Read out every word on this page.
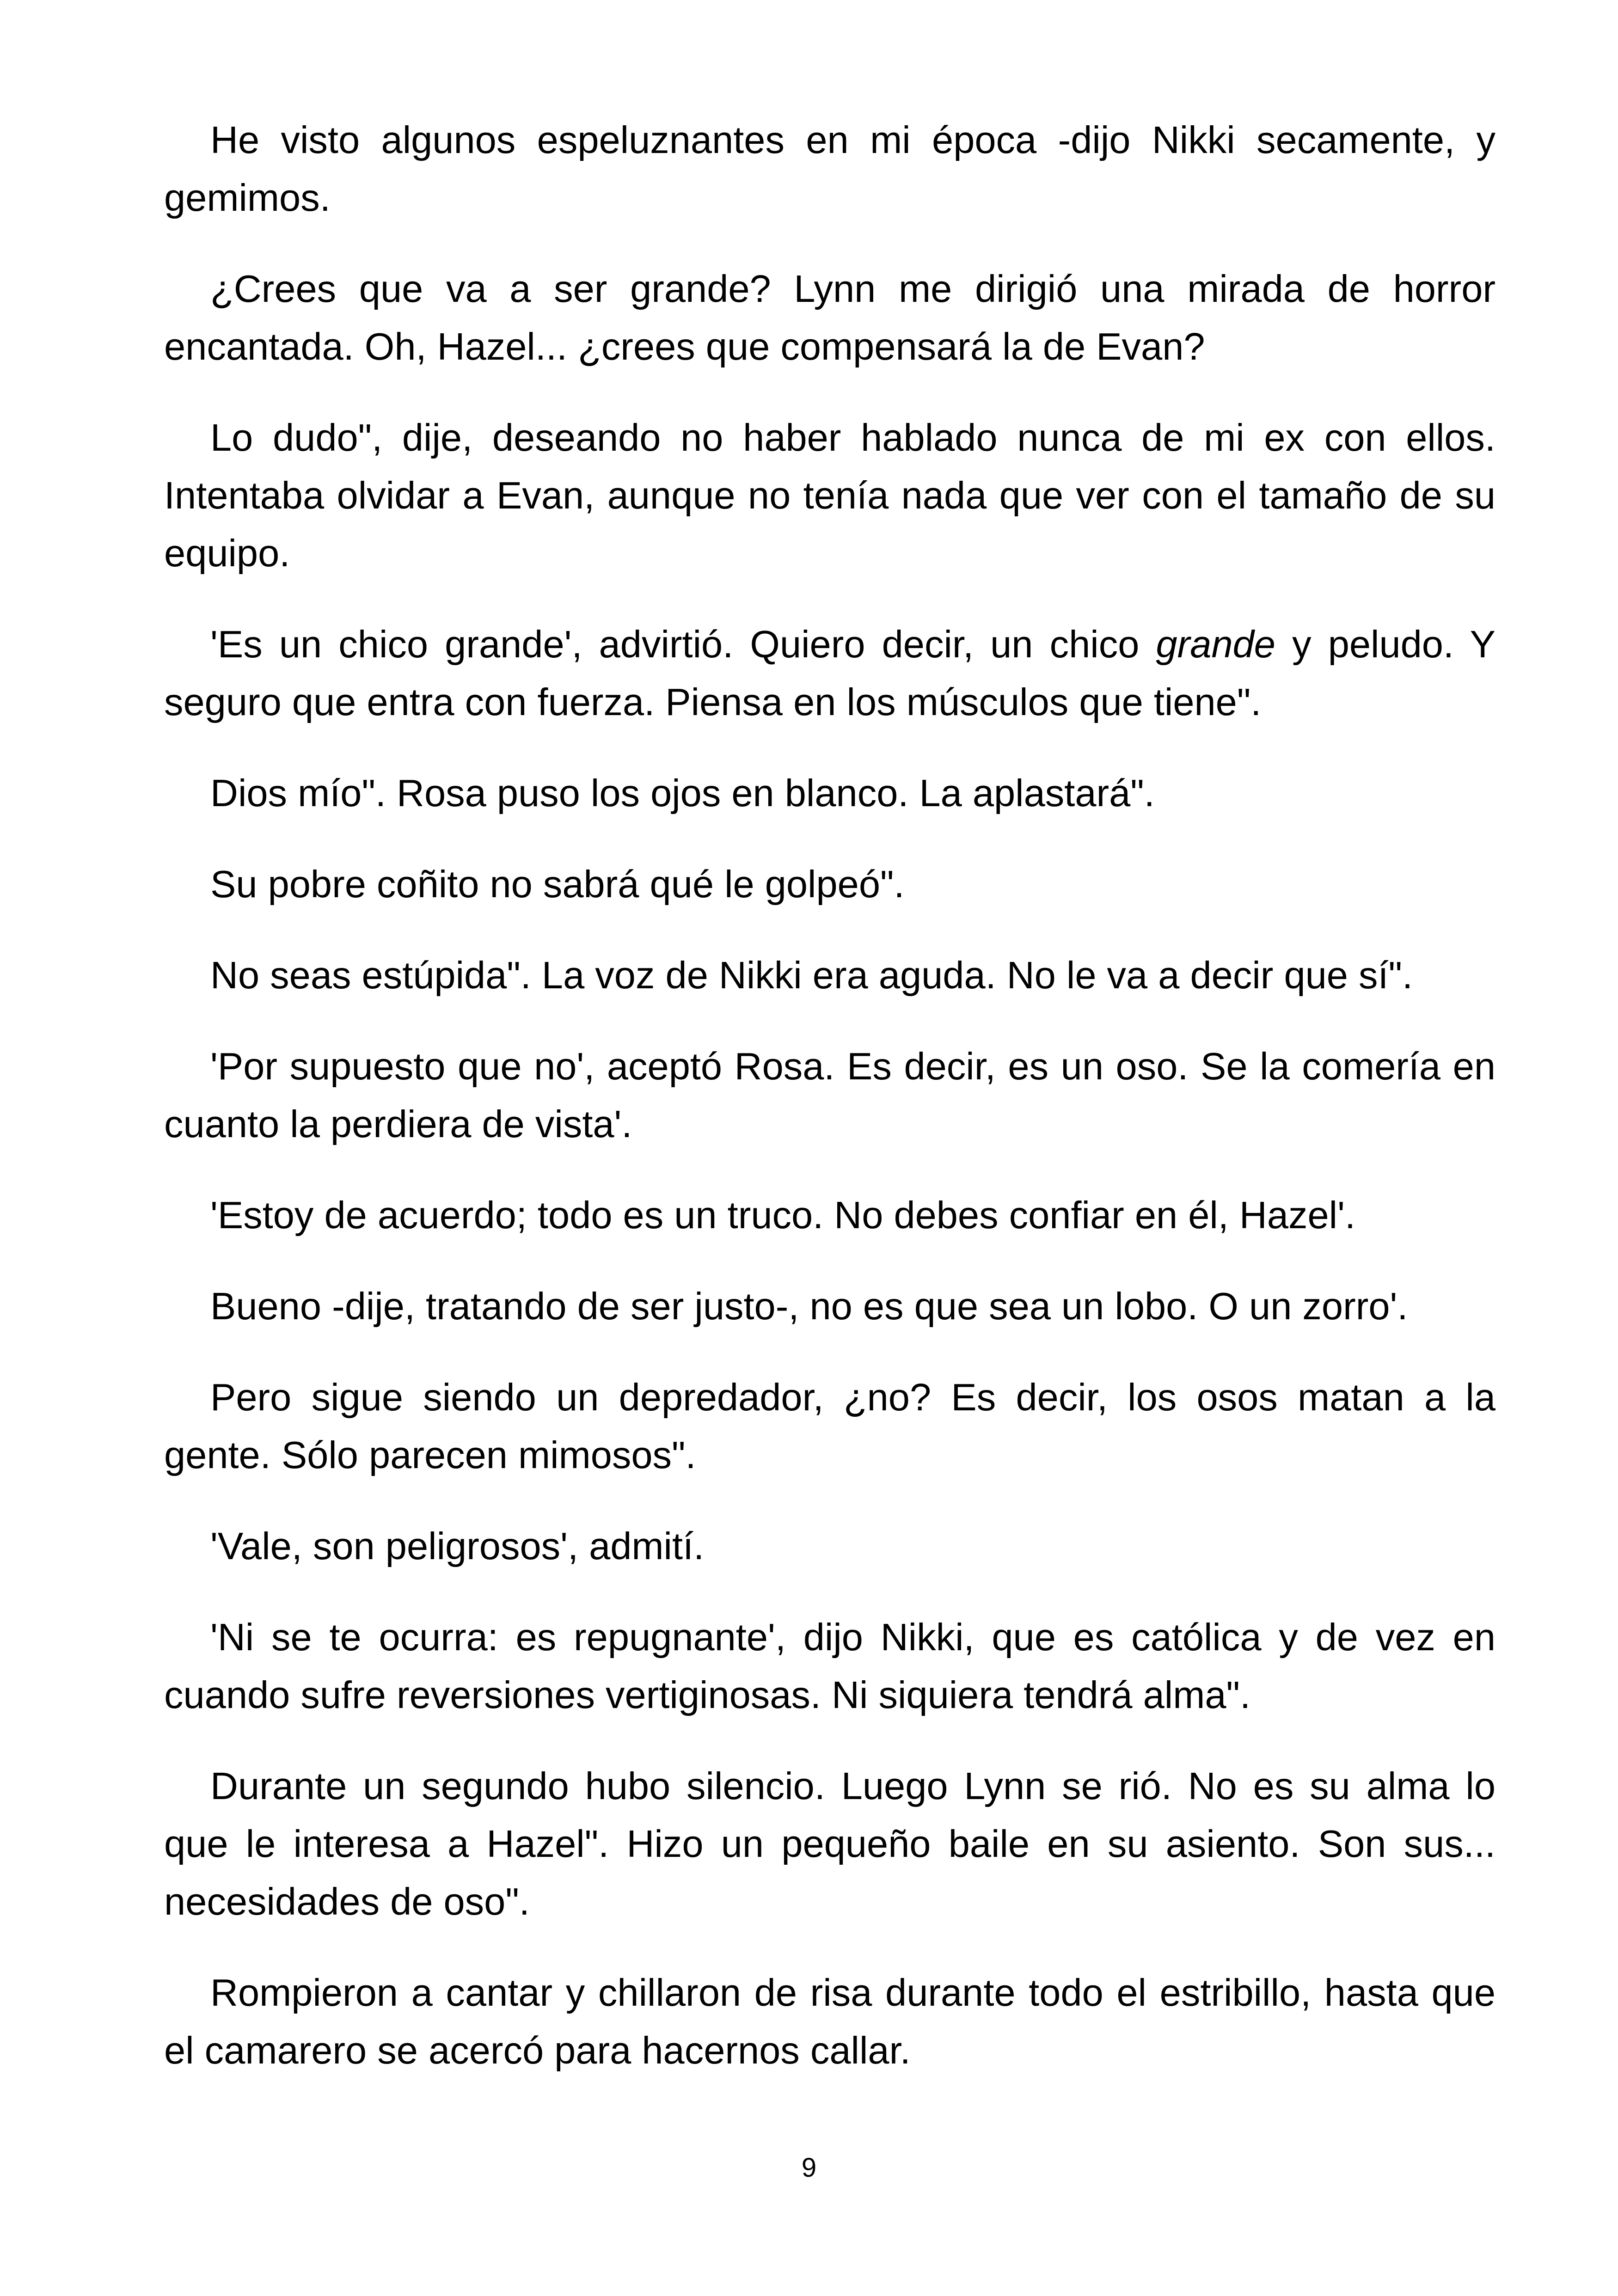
He visto algunos espeluznantes en mi época -dijo Nikki secamente, y gemimos.

¿Crees que va a ser grande? Lynn me dirigió una mirada de horror encantada. Oh, Hazel... ¿crees que compensará la de Evan?

Lo dudo", dije, deseando no haber hablado nunca de mi ex con ellos. Intentaba olvidar a Evan, aunque no tenía nada que ver con el tamaño de su equipo.

'Es un chico grande', advirtió. Quiero decir, un chico grande y peludo. Y seguro que entra con fuerza. Piensa en los músculos que tiene".

Dios mío". Rosa puso los ojos en blanco. La aplastará".

Su pobre coñito no sabrá qué le golpeó".

No seas estúpida". La voz de Nikki era aguda. No le va a decir que sí".

'Por supuesto que no', aceptó Rosa. Es decir, es un oso. Se la comería en cuanto la perdiera de vista'.

'Estoy de acuerdo; todo es un truco. No debes confiar en él, Hazel'.

Bueno -dije, tratando de ser justo-, no es que sea un lobo. O un zorro'.

Pero sigue siendo un depredador, ¿no? Es decir, los osos matan a la gente. Sólo parecen mimosos".

'Vale, son peligrosos', admití.

'Ni se te ocurra: es repugnante', dijo Nikki, que es católica y de vez en cuando sufre reversiones vertiginosas. Ni siquiera tendrá alma".

Durante un segundo hubo silencio. Luego Lynn se rió. No es su alma lo que le interesa a Hazel". Hizo un pequeño baile en su asiento. Son sus... necesidades de oso".

Rompieron a cantar y chillaron de risa durante todo el estribillo, hasta que el camarero se acercó para hacernos callar.

9
